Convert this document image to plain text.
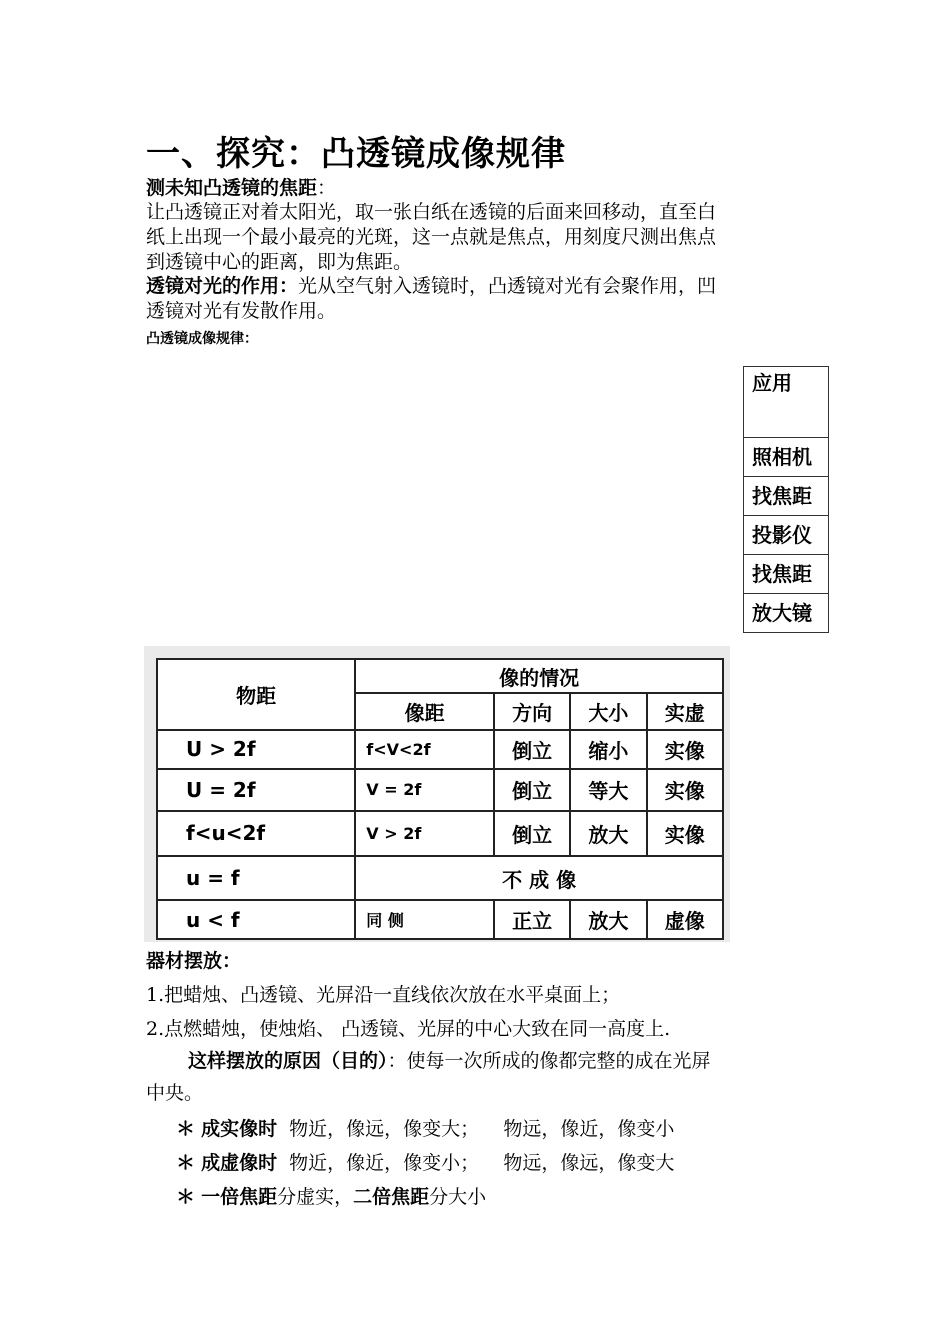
一、探究：凸透镜成像规律
测未知凸透镜的焦距：
让凸透镜正对着太阳光，取一张白纸在透镜的后面来回移动，直至白
纸上出现一个最小最亮的光斑，这一点就是焦点，用刻度尺测出焦点
到透镜中心的距离，即为焦距。
透镜对光的作用：光从空气射入透镜时，凸透镜对光有会聚作用，凹
透镜对光有发散作用。
凸透镜成像规律：
应用
照相机
找焦距
投影仪
找焦距
放大镜
物距	像的情况			
	像距	方向	大小	实虚
U > 2f	f<V<2f	倒立	缩小	实像
U = 2f	V = 2f	倒立	等大	实像
f<u<2f	V > 2f	倒立	放大	实像
u = f	不 成 像			
u < f	同 侧	正立	放大	虚像
器材摆放：
1.把蜡烛、凸透镜、光屏沿一直线依次放在水平桌面上；
2.点燃蜡烛，使烛焰、 凸透镜、光屏的中心大致在同一高度上.
这样摆放的原因（目的）：使每一次所成的像都完整的成在光屏
中央。
＊ 成实像时  物近，像远，像变大；    物远，像近，像变小
＊ 成虚像时  物近，像近，像变小；    物远，像远，像变大
＊ 一倍焦距分虚实，二倍焦距分大小
